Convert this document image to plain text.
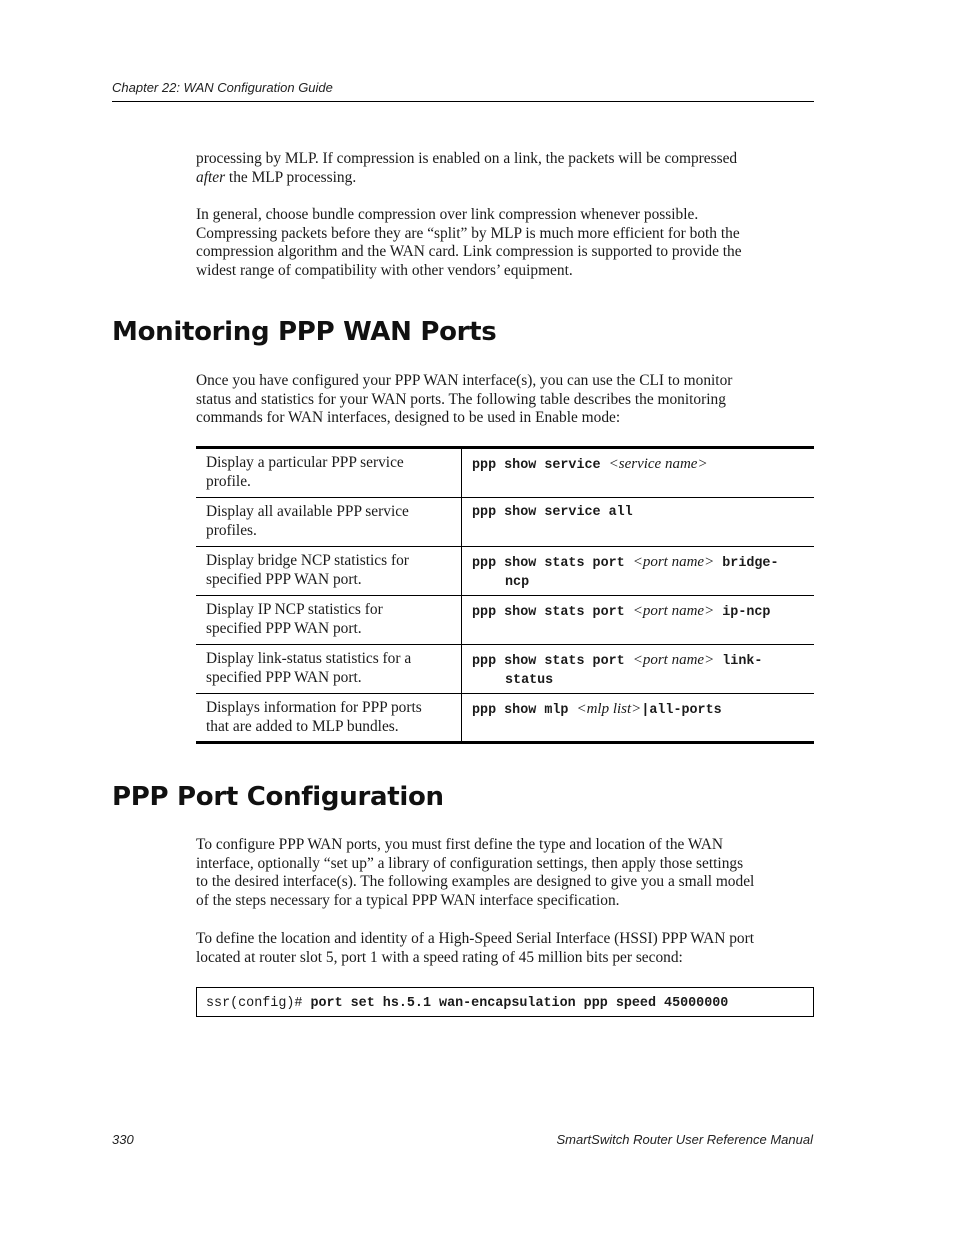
Chapter 22: WAN Configuration Guide
processing by MLP. If compression is enabled on a link, the packets will be compressed
after the MLP processing.
In general, choose bundle compression over link compression whenever possible.
Compressing packets before they are “split” by MLP is much more efficient for both the
compression algorithm and the WAN card. Link compression is supported to provide the
widest range of compatibility with other vendors’ equipment.
Monitoring PPP WAN Ports
Once you have configured your PPP WAN interface(s), you can use the CLI to monitor
status and statistics for your WAN ports. The following table describes the monitoring
commands for WAN interfaces, designed to be used in Enable mode:
Display a particular PPP service
profile.
ppp show service <service name>
Display all available PPP service
profiles.
ppp show service all
Display bridge NCP statistics for
specified PPP WAN port.
ppp show stats port <port name> bridge-
ncp
Display IP NCP statistics for
specified PPP WAN port.
ppp show stats port <port name> ip-ncp
Display link-status statistics for a
specified PPP WAN port.
ppp show stats port <port name> link-
status
Displays information for PPP ports
that are added to MLP bundles.
ppp show mlp <mlp list>|all-ports
PPP Port Configuration
To configure PPP WAN ports, you must first define the type and location of the WAN
interface, optionally “set up” a library of configuration settings, then apply those settings
to the desired interface(s). The following examples are designed to give you a small model
of the steps necessary for a typical PPP WAN interface specification.
To define the location and identity of a High-Speed Serial Interface (HSSI) PPP WAN port
located at router slot 5, port 1 with a speed rating of 45 million bits per second:
ssr(config)# port set hs.5.1 wan-encapsulation ppp speed 45000000
330	SmartSwitch Router User Reference Manual
